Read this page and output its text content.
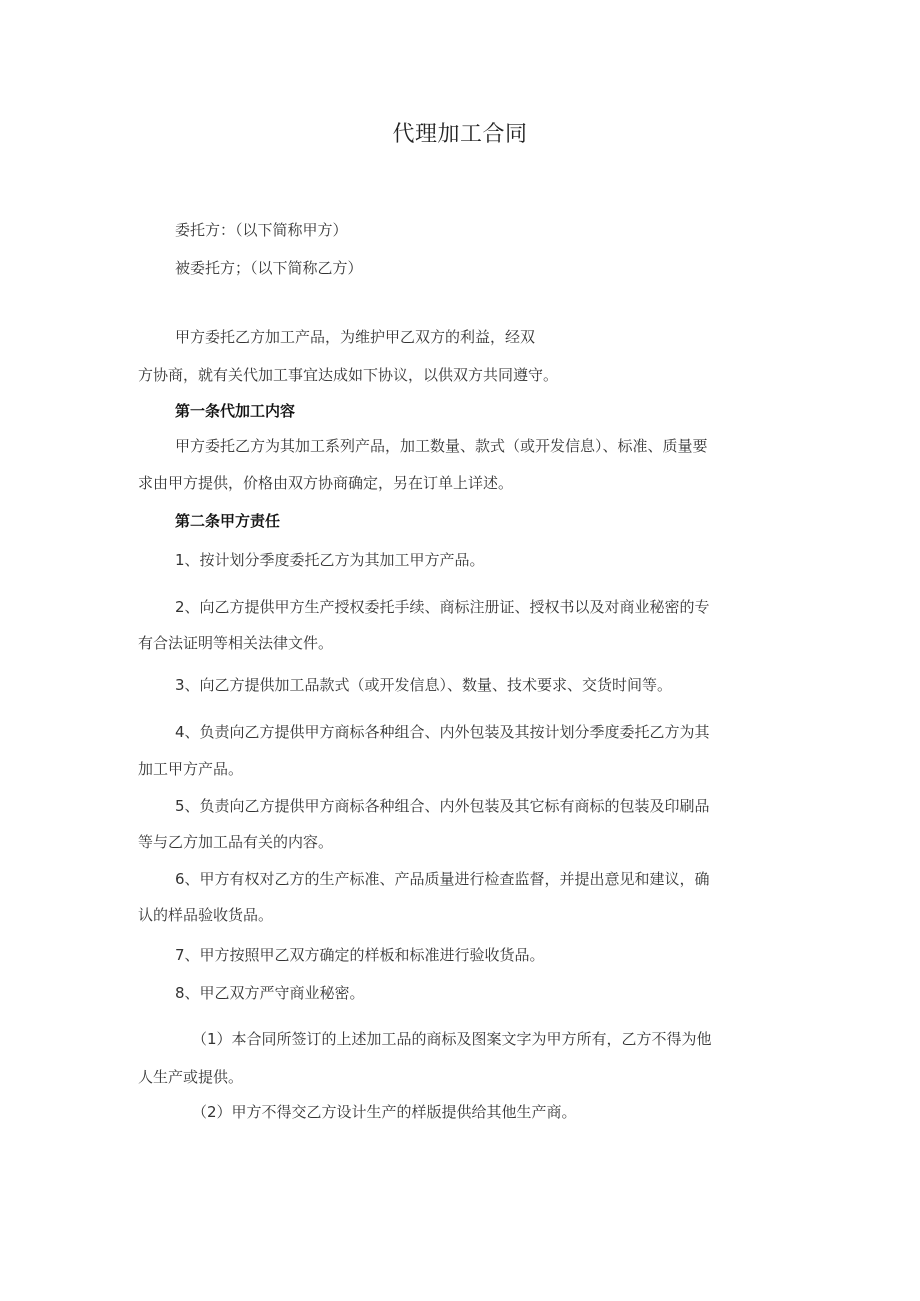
代理加工合同
委托方：（以下简称甲方）
被委托方；（以下简称乙方）
甲方委托乙方加工产品，为维护甲乙双方的利益，经双
方协商，就有关代加工事宜达成如下协议，以供双方共同遵守。
第一条代加工内容
甲方委托乙方为其加工系列产品，加工数量、款式（或开发信息）、标准、质量要
求由甲方提供，价格由双方协商确定，另在订单上详述。
第二条甲方责任
1、按计划分季度委托乙方为其加工甲方产品。
2、向乙方提供甲方生产授权委托手续、商标注册证、授权书以及对商业秘密的专
有合法证明等相关法律文件。
3、向乙方提供加工品款式（或开发信息）、数量、技术要求、交货时间等。
4、负责向乙方提供甲方商标各种组合、内外包装及其按计划分季度委托乙方为其
加工甲方产品。
5、负责向乙方提供甲方商标各种组合、内外包装及其它标有商标的包装及印刷品
等与乙方加工品有关的内容。
6、甲方有权对乙方的生产标准、产品质量进行检查监督，并提出意见和建议，确
认的样品验收货品。
7、甲方按照甲乙双方确定的样板和标准进行验收货品。
8、甲乙双方严守商业秘密。
（1）本合同所签订的上述加工品的商标及图案文字为甲方所有，乙方不得为他
人生产或提供。
（2）甲方不得交乙方设计生产的样版提供给其他生产商。
